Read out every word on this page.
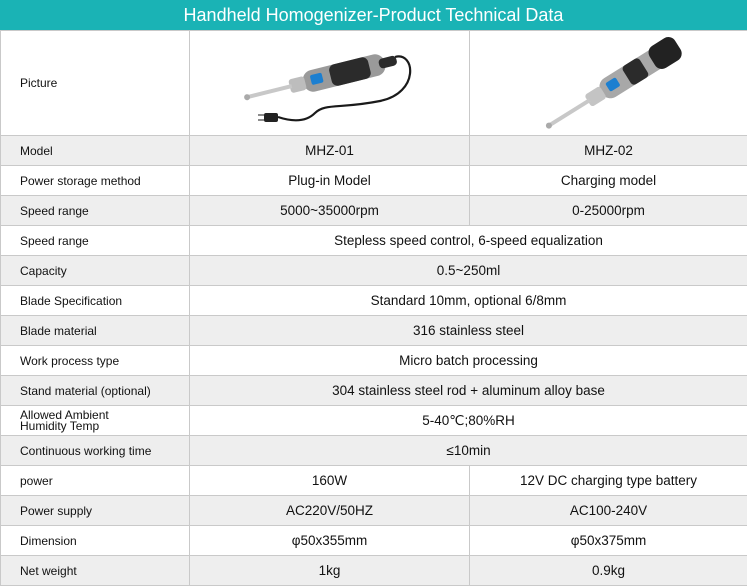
Handheld Homogenizer-Product Technical Data
Picture	

Model	MHZ-01	MHZ-02
Power storage method	Plug-in Model	Charging model
Speed range	5000~35000rpm	0-25000rpm
Speed range	Stepless speed control, 6-speed equalization	
Capacity	0.5~250ml	
Blade Specification	Standard 10mm, optional 6/8mm	
Blade material	316 stainless steel	
Work process type	Micro batch processing	
Stand material (optional)	304 stainless steel rod + aluminum alloy base	

Allowed Ambient
Humidity Temp	5-40℃;80%RH	
Continuous working time	≤10min	
power	160W	12V DC charging type battery
Power supply	AC220V/50HZ	AC100-240V
Dimension	φ50x355mm	φ50x375mm
Net weight	1kg	0.9kg
